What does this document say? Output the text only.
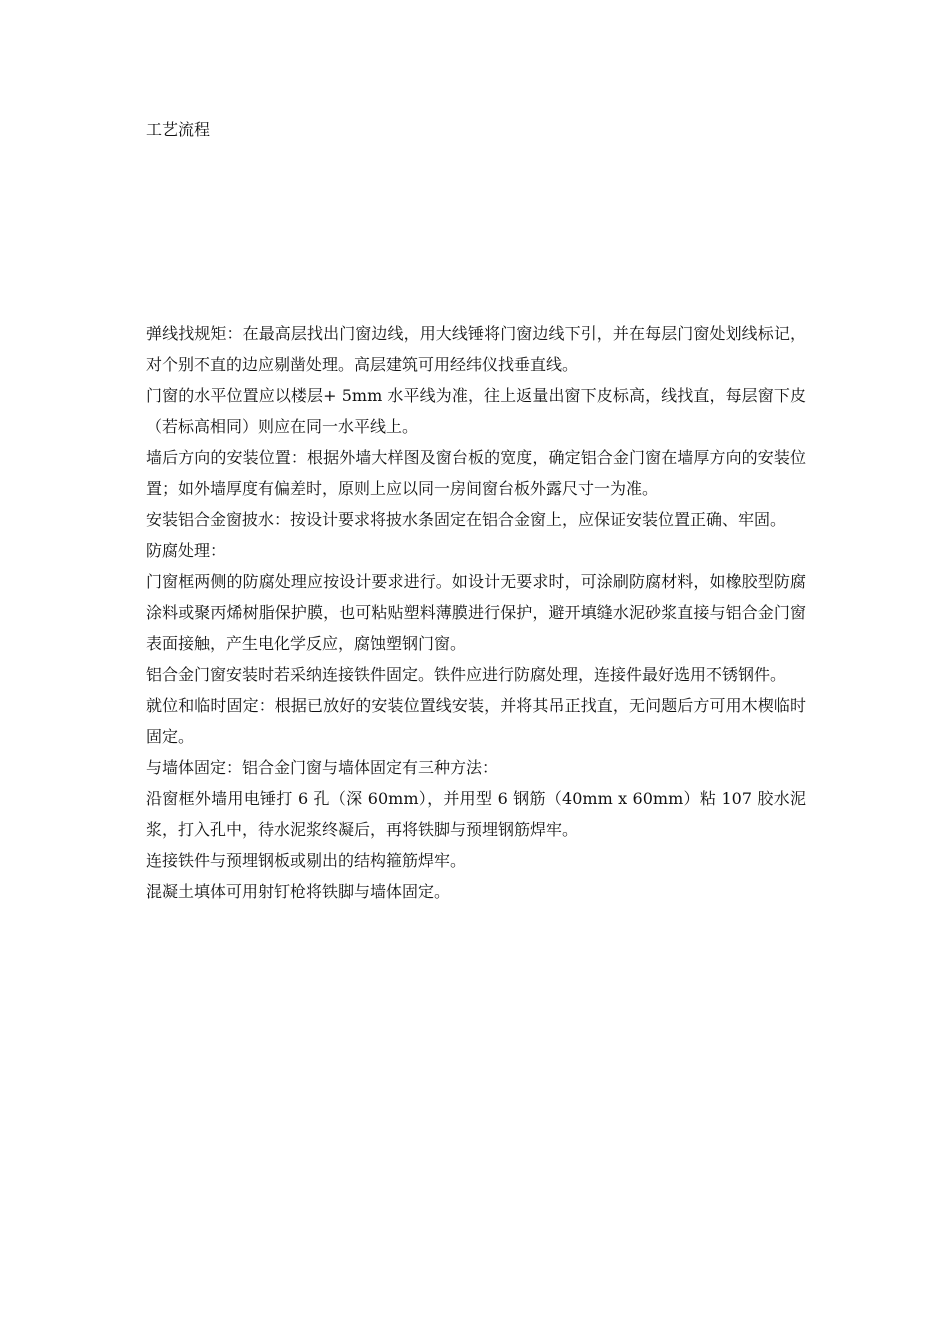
工艺流程

弹线找规矩：在最高层找出门窗边线，用大线锤将门窗边线下引，并在每层门窗处划线标记，对个别不直的边应剔凿处理。高层建筑可用经纬仪找垂直线。

门窗的水平位置应以楼层+ 5mm 水平线为准，往上返量出窗下皮标高，线找直，每层窗下皮（若标高相同）则应在同一水平线上。

墙后方向的安装位置：根据外墙大样图及窗台板的宽度，确定铝合金门窗在墙厚方向的安装位置；如外墙厚度有偏差时，原则上应以同一房间窗台板外露尺寸一为准。

安装铝合金窗披水：按设计要求将披水条固定在铝合金窗上，应保证安装位置正确、牢固。

防腐处理：

门窗框两侧的防腐处理应按设计要求进行。如设计无要求时，可涂刷防腐材料，如橡胶型防腐涂料或聚丙烯树脂保护膜，也可粘贴塑料薄膜进行保护，避开填缝水泥砂浆直接与铝合金门窗表面接触，产生电化学反应，腐蚀塑钢门窗。

铝合金门窗安装时若采纳连接铁件固定。铁件应进行防腐处理，连接件最好选用不锈钢件。

就位和临时固定：根据已放好的安装位置线安装，并将其吊正找直，无问题后方可用木楔临时固定。

与墙体固定：铝合金门窗与墙体固定有三种方法：

沿窗框外墙用电锤打 6 孔（深 60mm），并用型 6 钢筋（40mm x 60mm）粘 107 胶水泥浆，打入孔中，待水泥浆终凝后，再将铁脚与预埋钢筋焊牢。

连接铁件与预埋钢板或剔出的结构箍筋焊牢。

混凝土填体可用射钉枪将铁脚与墙体固定。
